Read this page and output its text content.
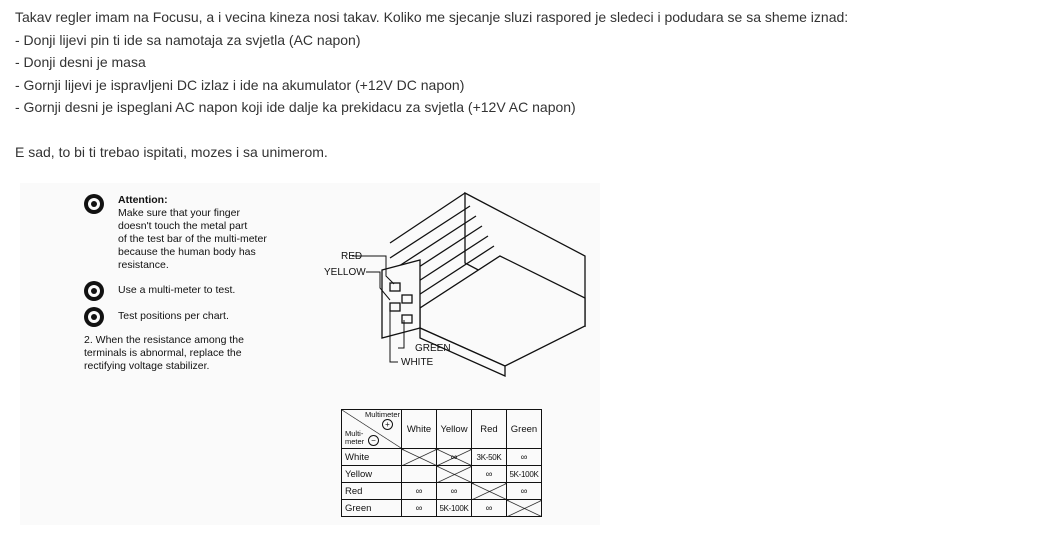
Takav regler imam na Focusu, a i vecina kineza nosi takav. Koliko me sjecanje sluzi raspored je sledeci i podudara se sa sheme iznad:

- Donji lijevi pin ti ide sa namotaja za svjetla (AC napon)

- Donji desni je masa

- Gornji lijevi je ispravljeni DC izlaz i ide na akumulator (+12V DC napon)

- Gornji desni je ispeglani AC napon koji ide dalje ka prekidacu za svjetla (+12V AC napon)

E sad, to bi ti trebao ispitati, mozes i sa unimerom.

Attention:
Make sure that your finger
doesn't touch the metal part
of the test bar of the multi-meter
because the human body has
resistance.
Use a multi-meter to test.
Test positions per chart.
2. When the resistance among the
terminals is abnormal, replace the
rectifying voltage stabilizer.
RED
YELLOW
GREEN
WHITE
Multimeter
+
Multi-
meter −	White	Yellow	Red	Green
White		∞	3K-50K	∞
Yellow			∞	5K-100K
Red	∞	∞		∞
Green	∞	5K-100K	∞	
